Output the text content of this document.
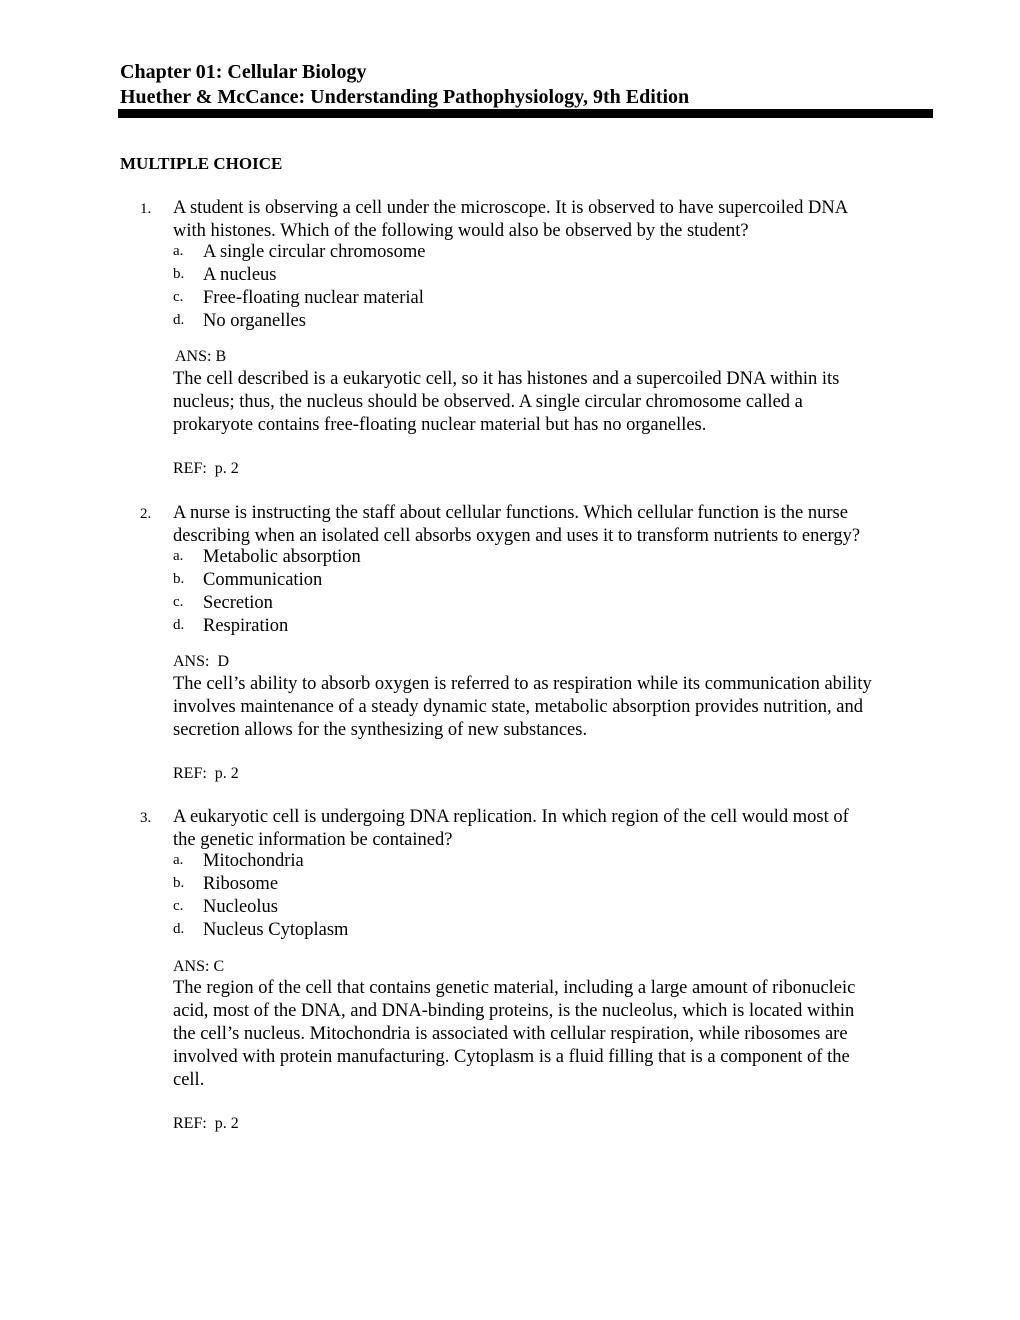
Chapter 01: Cellular Biology
Huether & McCance: Understanding Pathophysiology, 9th Edition
MULTIPLE CHOICE
1. A student is observing a cell under the microscope. It is observed to have supercoiled DNA
with histones. Which of the following would also be observed by the student?
a. A single circular chromosome
b. A nucleus
c. Free-floating nuclear material
d. No organelles
ANS: B
The cell described is a eukaryotic cell, so it has histones and a supercoiled DNA within its
nucleus; thus, the nucleus should be observed. A single circular chromosome called a
prokaryote contains free-floating nuclear material but has no organelles.
REF:  p. 2
2. A nurse is instructing the staff about cellular functions. Which cellular function is the nurse
describing when an isolated cell absorbs oxygen and uses it to transform nutrients to energy?
a. Metabolic absorption
b. Communication
c. Secretion
d. Respiration
ANS:  D
The cell’s ability to absorb oxygen is referred to as respiration while its communication ability
involves maintenance of a steady dynamic state, metabolic absorption provides nutrition, and
secretion allows for the synthesizing of new substances.
REF:  p. 2
3. A eukaryotic cell is undergoing DNA replication. In which region of the cell would most of
the genetic information be contained?
a. Mitochondria
b. Ribosome
c. Nucleolus
d. Nucleus Cytoplasm
ANS: C
The region of the cell that contains genetic material, including a large amount of ribonucleic
acid, most of the DNA, and DNA-binding proteins, is the nucleolus, which is located within
the cell’s nucleus. Mitochondria is associated with cellular respiration, while ribosomes are
involved with protein manufacturing. Cytoplasm is a fluid filling that is a component of the
cell.
REF:  p. 2
